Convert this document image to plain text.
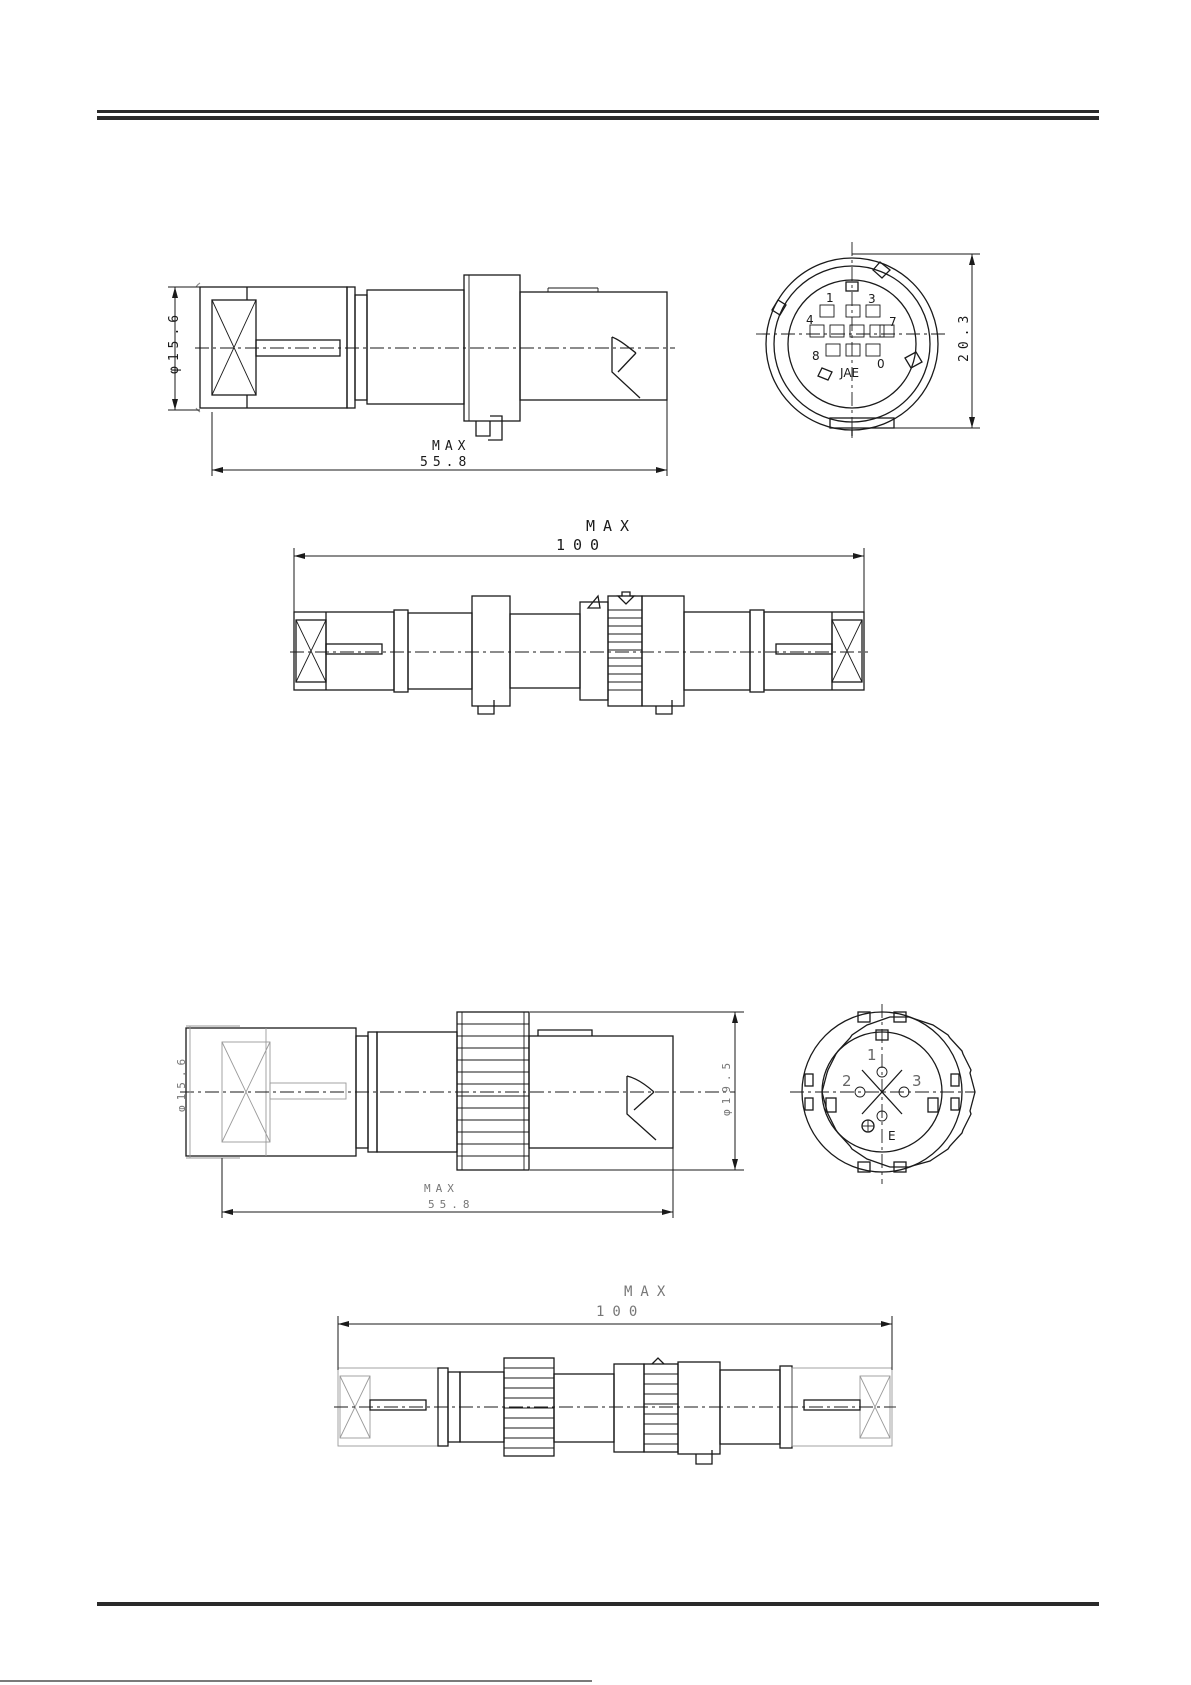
φ15.6
MAX
55.8
1	3
4	7
8
0
JAE
20.3
MAX
100
φ15.6	φ19.5
MAX
55.8
1
2	3
E
MAX
100
